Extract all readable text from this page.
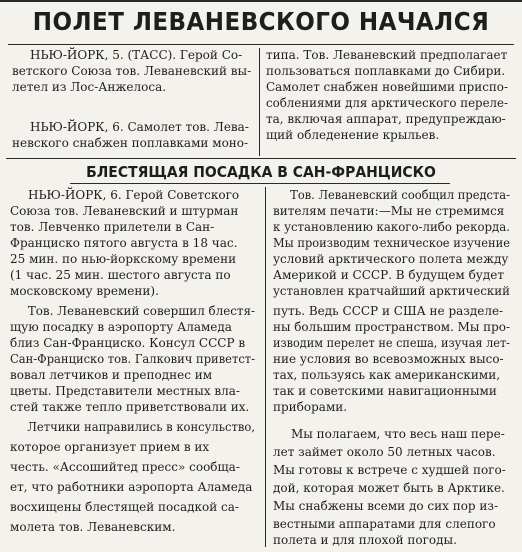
ПОЛЕТ ЛЕВАНЕВСКОГО НАЧАЛСЯ
НЬЮ-ЙОРК, 5. (ТАСС). Герой Со-
ветского Союза тов. Леваневский вы-
летел из Лос-Анжелоса.
НЬЮ-ЙОРК, 6. Самолет тов. Лева-
невского снабжен поплавками моно-
типа. Тов. Леваневский предполагает
пользоваться поплавками до Сибири.
Самолет снабжен новейшими приспо-
соблениями для арктического переле-
та, включая аппарат, предупреждаю-
щий обледенение крыльев.
БЛЕСТЯЩАЯ ПОСАДКА В САН-ФРАНЦИСКО
НЬЮ-ЙОРК, 6. Герой Советского
Союза тов. Леваневский и штурман
тов. Левченко прилетели в Сан-
Франциско пятого августа в 18 час.
25 мин. по нью-йоркскому времени
(1 час. 25 мин. шестого августа по
московскому времени).
Тов. Леваневский совершил блестя-
щую посадку в аэропорту Аламеда
близ Сан-Франциско. Консул СССР в
Сан-Франциско тов. Галкович приветст-
вовал летчиков и преподнес им
цветы. Представители местных вла-
стей также тепло приветствовали их.
Летчики направились в консульство,
которое организует прием в их
честь. «Ассошийтед пресс» сообща-
ет, что работники аэропорта Аламеда
восхищены блестящей посадкой са-
молета тов. Леваневским.
Тов. Леваневский сообщил предста-
вителям печати:—Мы не стремимся
к установлению какого-либо рекорда.
Мы производим техническое изучение
условий арктического полета между
Америкой и СССР. В будущем будет
установлен кратчайший арктический
путь. Ведь СССР и США не разделе-
ны большим пространством. Мы про-
изводим перелет не спеша, изучая лет-
ние условия во всевозможных высо-
тах, пользуясь как американскими,
так и советскими навигационными
приборами.
Мы полагаем, что весь наш пере-
лет займет около 50 летных часов.
Мы готовы к встрече с худшей пого-
дой, которая может быть в Арктике.
Мы снабжены всеми до сих пор из-
вестными аппаратами для слепого
полета и для плохой погоды.
